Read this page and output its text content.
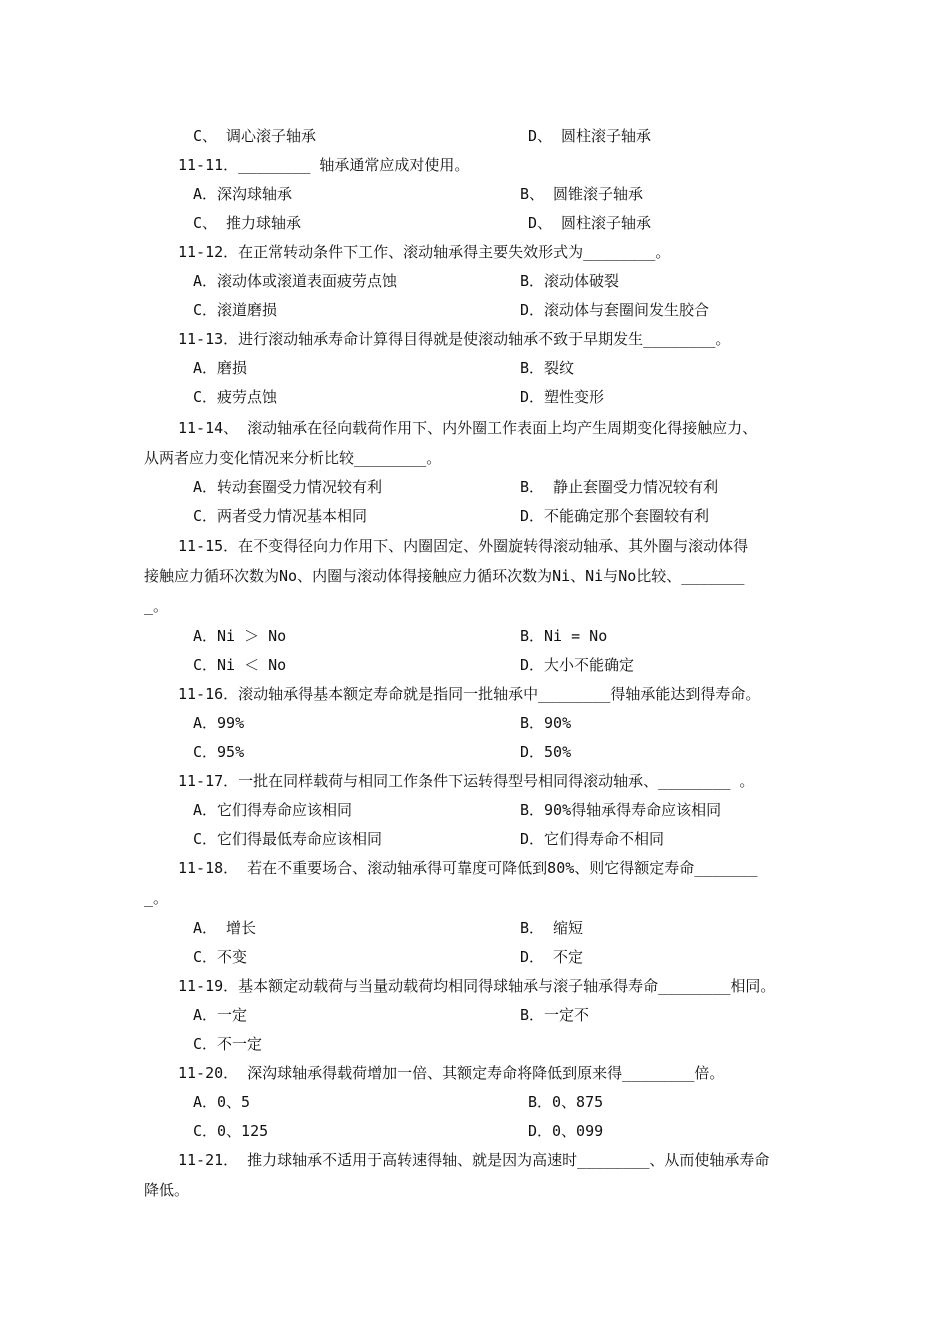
C、 调心滚子轴承	D、 圆柱滚子轴承
11-11．________ 轴承通常应成对使用。
A．深沟球轴承	B、 圆锥滚子轴承
C、 推力球轴承	D、 圆柱滚子轴承
11-12．在正常转动条件下工作、滚动轴承得主要失效形式为________。
A．滚动体或滚道表面疲劳点蚀	B．滚动体破裂
C．滚道磨损	D．滚动体与套圈间发生胶合
11-13．进行滚动轴承寿命计算得目得就是使滚动轴承不致于早期发生________。
A．磨损	B．裂纹
C．疲劳点蚀	D．塑性变形
11-14、 滚动轴承在径向载荷作用下、内外圈工作表面上均产生周期变化得接触应力、
从两者应力变化情况来分析比较________。
A．转动套圈受力情况较有利	B． 静止套圈受力情况较有利
C．两者受力情况基本相同	D．不能确定那个套圈较有利
11-15．在不变得径向力作用下、内圈固定、外圈旋转得滚动轴承、其外圈与滚动体得
接触应力循环次数为No、内圈与滚动体得接触应力循环次数为Ni、Ni与No比较、_______
_。
A．Ni ＞ No	B．Ni = No
C．Ni ＜ No	D．大小不能确定
11-16．滚动轴承得基本额定寿命就是指同一批轴承中________得轴承能达到得寿命。
A．99%	B．90%
C．95%	D．50%
11-17．一批在同样载荷与相同工作条件下运转得型号相同得滚动轴承、________ 。
A．它们得寿命应该相同	B．90%得轴承得寿命应该相同
C．它们得最低寿命应该相同	D．它们得寿命不相同
11-18． 若在不重要场合、滚动轴承得可靠度可降低到80%、则它得额定寿命_______
_。
A． 增长	B． 缩短
C．不变	D． 不定
11-19．基本额定动载荷与当量动载荷均相同得球轴承与滚子轴承得寿命________相同。
A．一定	B．一定不
C．不一定
11-20． 深沟球轴承得载荷增加一倍、其额定寿命将降低到原来得________倍。
A．0、5	B．0、875
C．0、125	D．0、099
11-21． 推力球轴承不适用于高转速得轴、就是因为高速时________、从而使轴承寿命
降低。
